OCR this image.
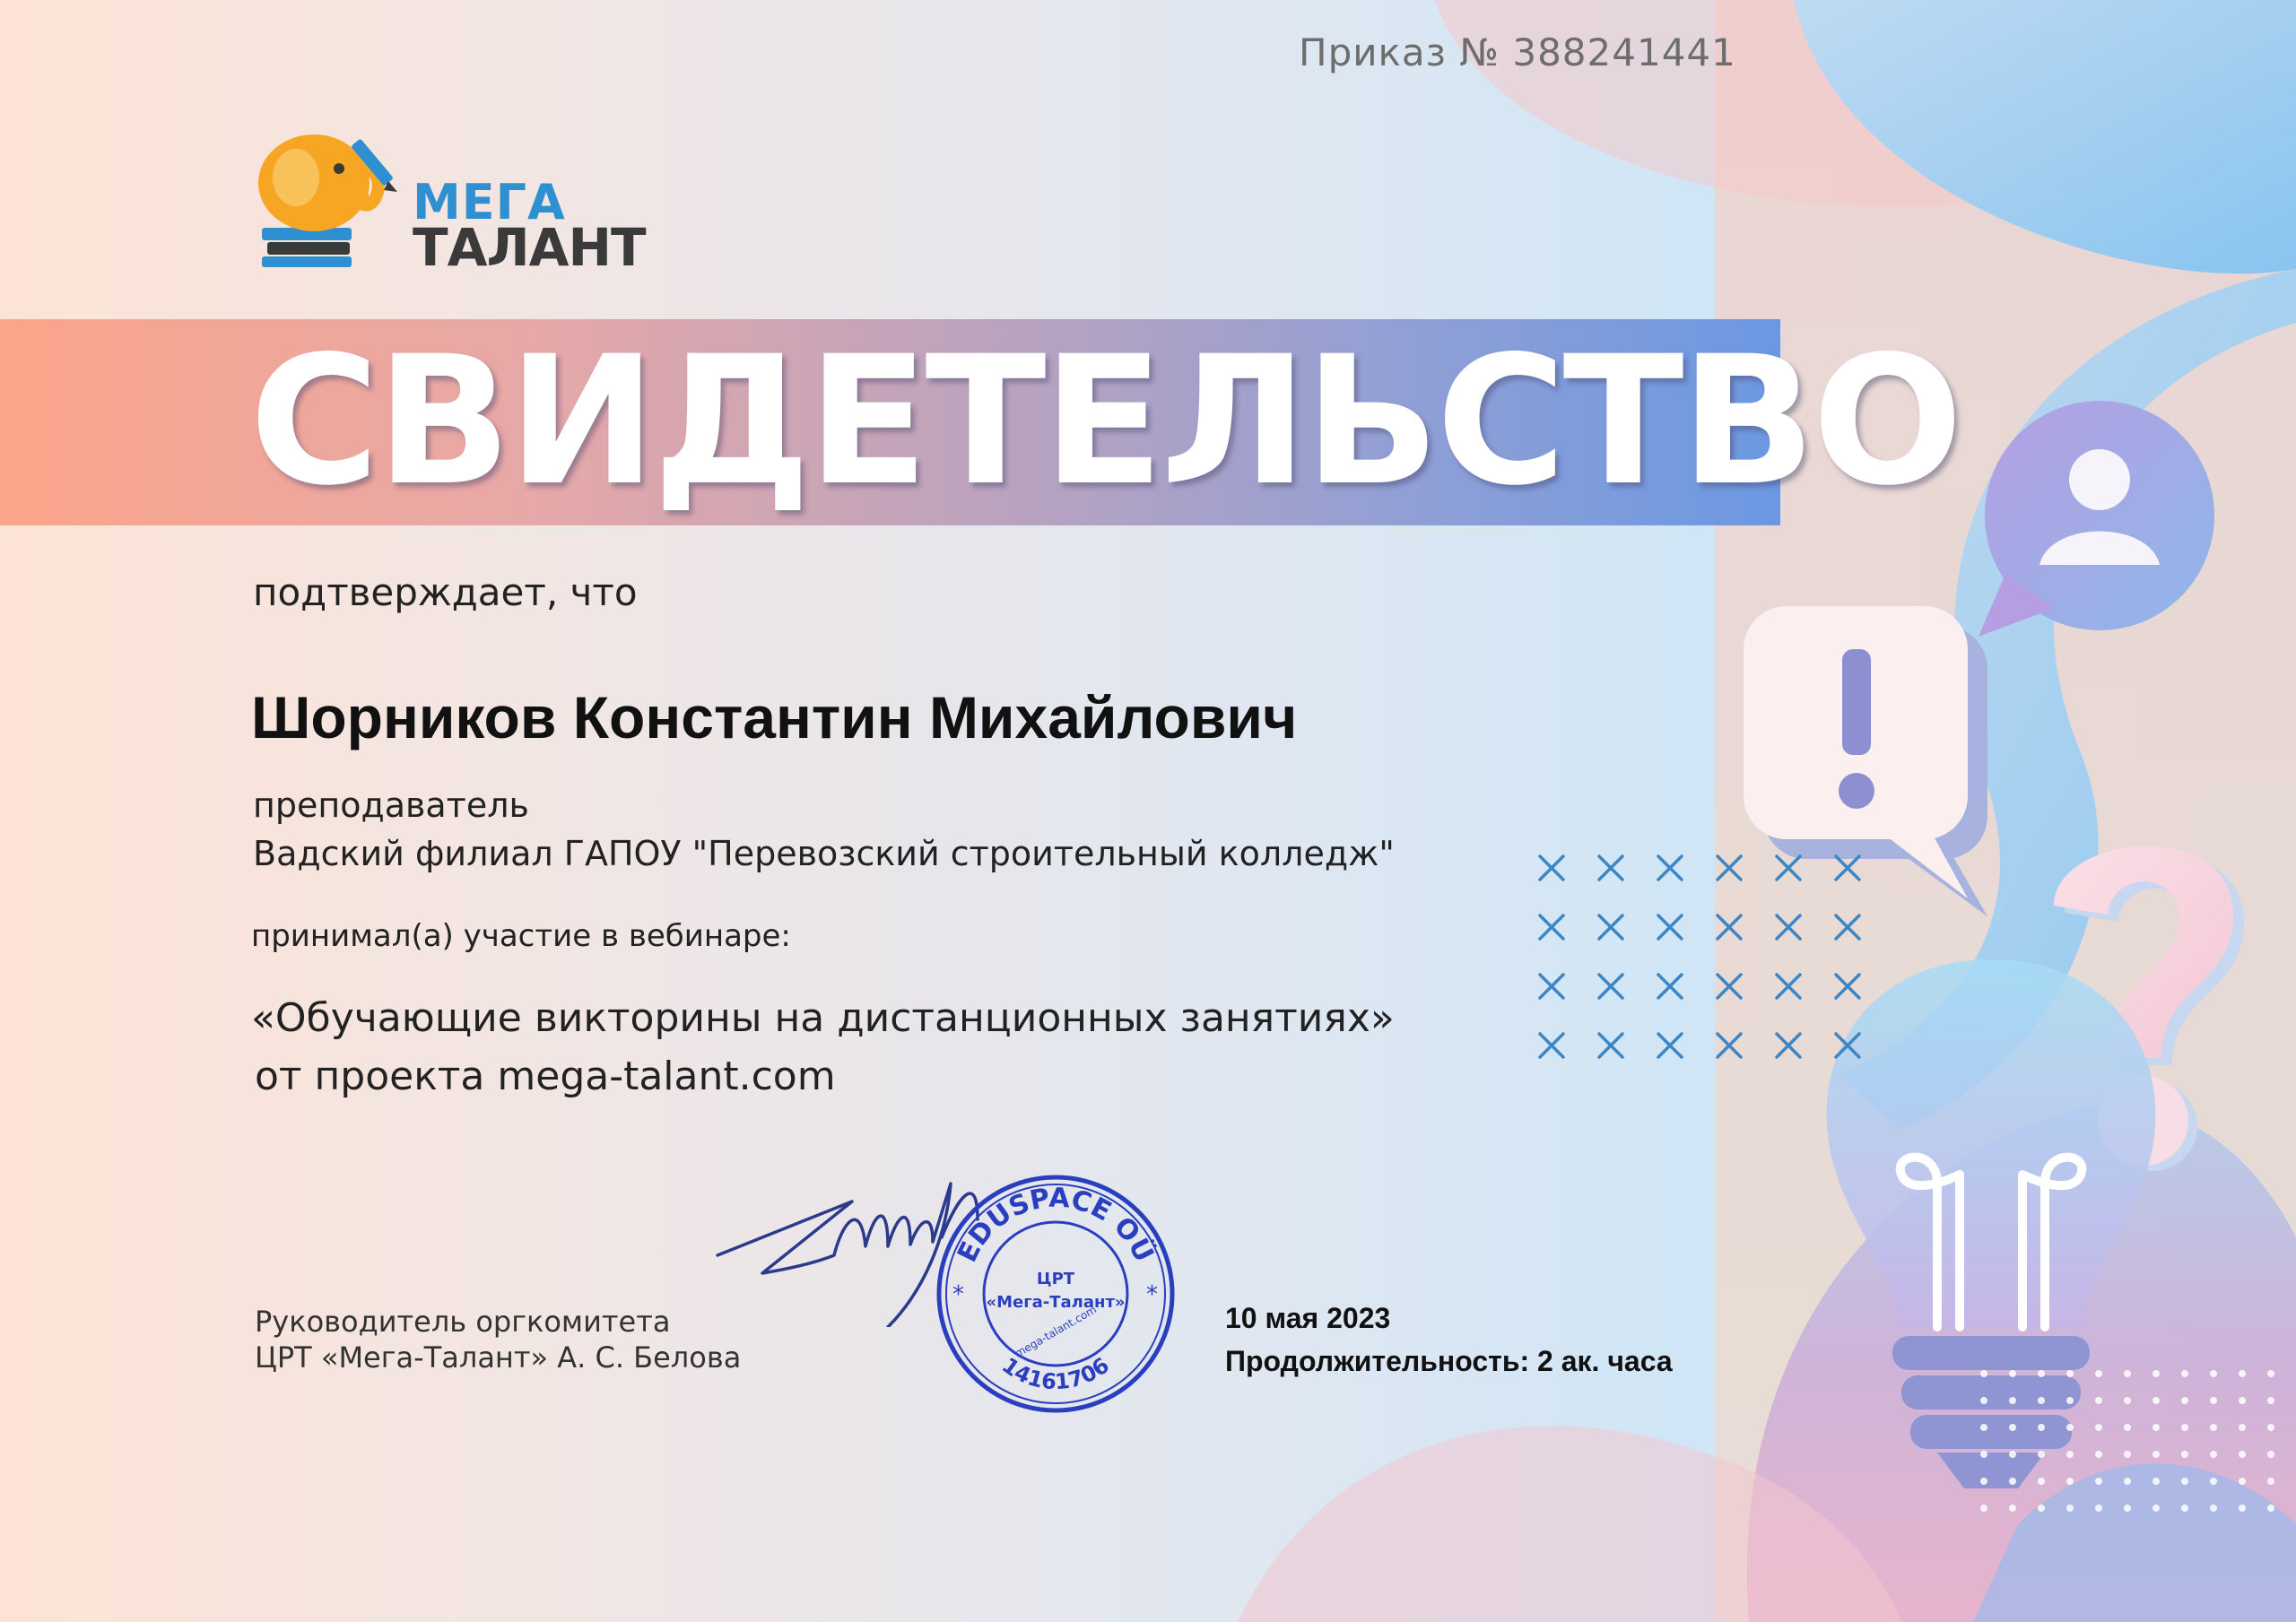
Приказ № 388241441
МЕГА
ТАЛАНТ
СВИДЕТЕЛЬСТВО
подтверждает, что
Шорников Константин Михайлович
преподаватель
Вадский филиал ГАПОУ "Перевозский строительный колледж"
принимал(а) участие в вебинаре:
«Обучающие викторины на дистанционных занятиях»
от проекта mega-talant.com
Руководитель оргкомитета
ЦРТ «Мега-Талант» А. С. Белова
EDUSPACE OÜ
14161706
*	*
ЦРТ
«Мега-Талант»
mega-talant.com	10 мая 2023
Продолжительность: 2 ак. часа
